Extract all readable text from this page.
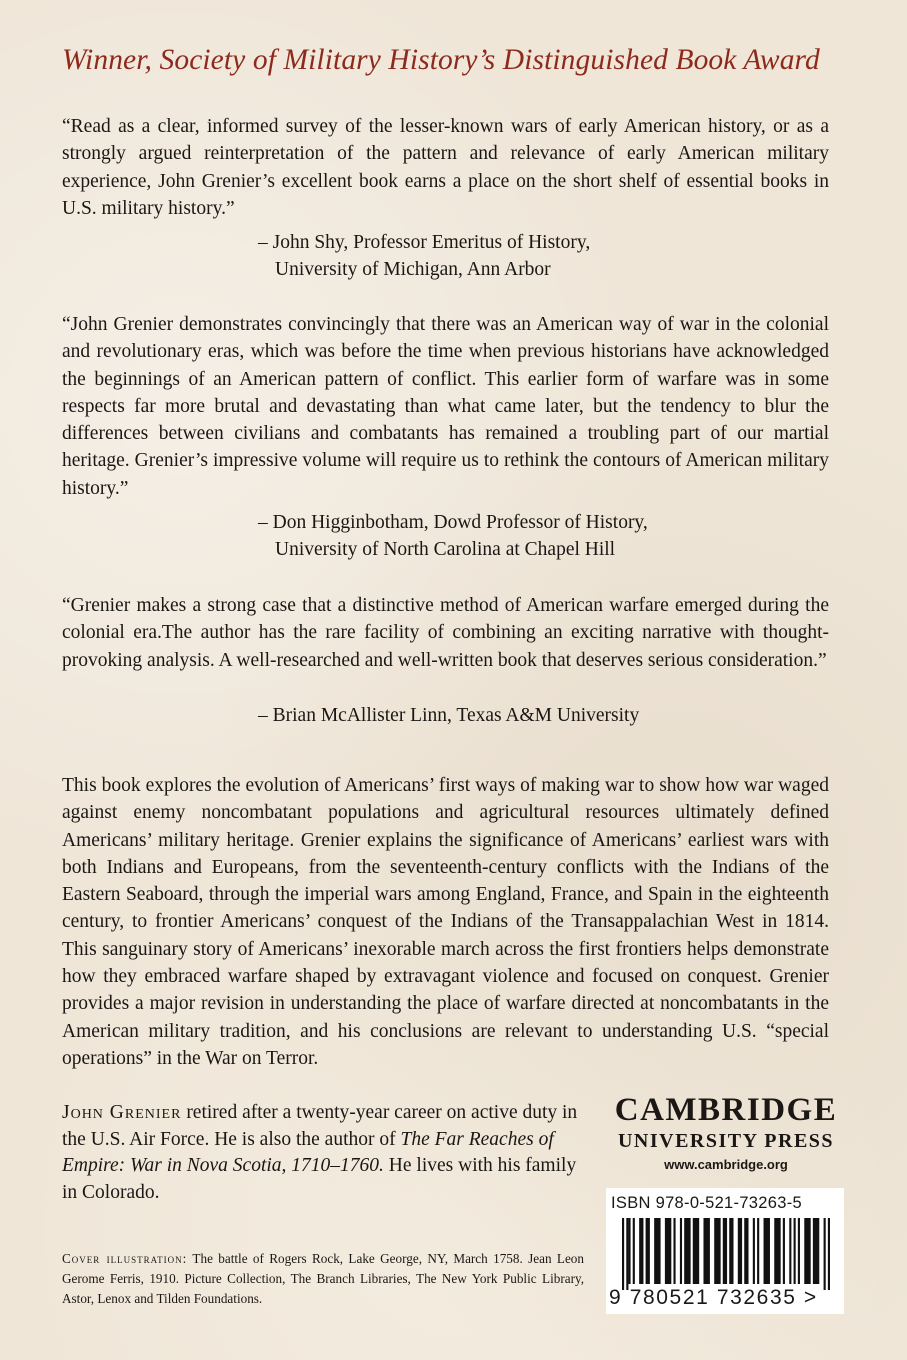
Winner, Society of Military History’s Distinguished Book Award

“Read as a clear, informed survey of the lesser-known wars of early American history, or as a strongly argued reinterpretation of the pattern and relevance of early American military experience, John Grenier’s excellent book earns a place on the short shelf of essential books in U.S. military history.”

– John Shy, Professor Emeritus of History,
University of Michigan, Ann Arbor

“John Grenier demonstrates convincingly that there was an American way of war in the colonial and revolutionary eras, which was before the time when previous historians have acknowledged the beginnings of an American pattern of conflict. This earlier form of warfare was in some respects far more brutal and devastating than what came later, but the tendency to blur the differences between civilians and combatants has remained a troubling part of our martial heritage. Grenier’s impressive volume will require us to rethink the contours of American military history.”

– Don Higginbotham, Dowd Professor of History,
University of North Carolina at Chapel Hill

“Grenier makes a strong case that a distinctive method of American warfare emerged during the colonial era.The author has the rare facility of combining an exciting narrative with thought-provoking analysis. A well-researched and well-written book that deserves serious consideration.”

– Brian McAllister Linn, Texas A&M University

This book explores the evolution of Americans’ first ways of making war to show how war waged against enemy noncombatant populations and agricultural resources ultimately defined Americans’ military heritage. Grenier explains the significance of Americans’ earliest wars with both Indians and Europeans, from the seventeenth-century conflicts with the Indians of the Eastern Seaboard, through the imperial wars among England, France, and Spain in the eighteenth century, to frontier Americans’ conquest of the Indians of the Transappalachian West in 1814. This sanguinary story of Americans’ inexorable march across the first frontiers helps demonstrate how they embraced warfare shaped by extravagant violence and focused on conquest. Grenier provides a major revision in understanding the place of warfare directed at noncombatants in the American military tradition, and his conclusions are relevant to understanding U.S. “special operations” in the War on Terror.

John Grenier retired after a twenty-year career on active duty in the U.S. Air Force. He is also the author of The Far Reaches of Empire: War in Nova Scotia, 1710–1760. He lives with his family in Colorado.

Cover illustration: The battle of Rogers Rock, Lake George, NY, March 1758. Jean Leon Gerome Ferris, 1910. Picture Collection, The Branch Libraries, The New York Public Library, Astor, Lenox and Tilden Foundations.

CAMBRIDGE
UNIVERSITY PRESS
www.cambridge.org
ISBN 978-0-521-73263-5
9 780521 732635 >
